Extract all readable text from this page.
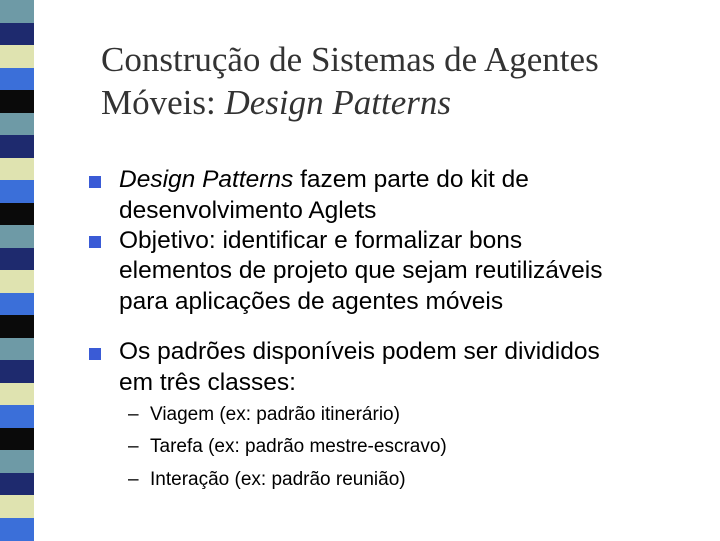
Construção de Sistemas de Agentes
Móveis: Design Patterns
Design Patterns fazem parte do kit de
desenvolvimento Aglets
Objetivo: identificar e formalizar bons
elementos de projeto que sejam reutilizáveis
para aplicações de agentes móveis
Os padrões disponíveis podem ser divididos
em três classes:
– Viagem (ex: padrão itinerário)
– Tarefa (ex: padrão mestre-escravo)
– Interação (ex: padrão reunião)
